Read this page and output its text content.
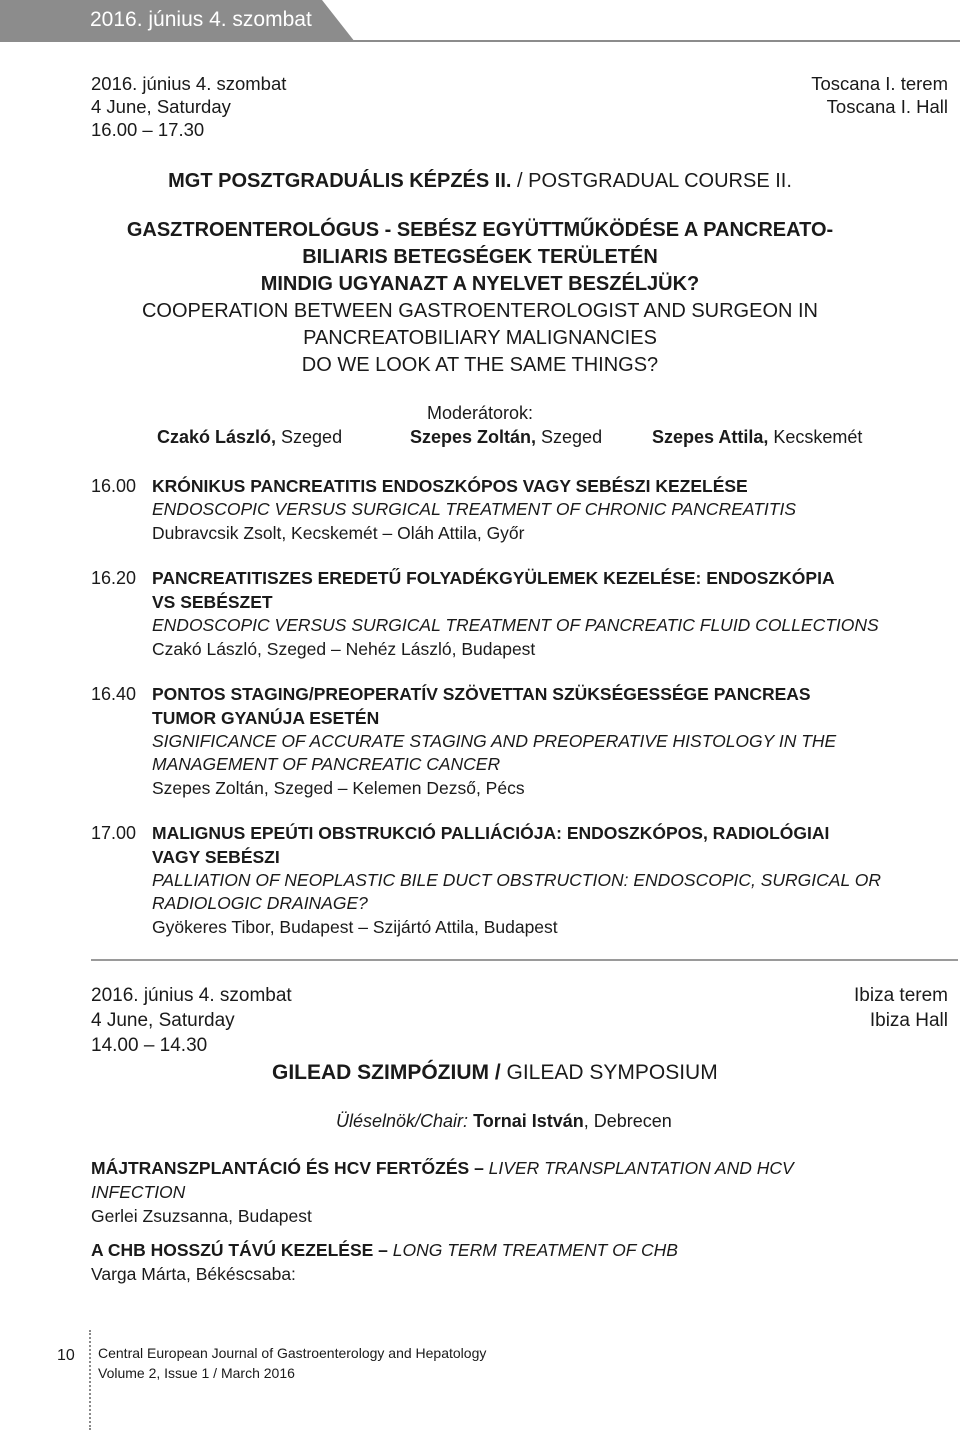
2016. június 4. szombat
2016. június 4. szombat
4 June, Saturday
16.00 – 17.30
Toscana I. terem
Toscana I. Hall
MGT POSZTGRADUÁLIS KÉPZÉS II. / POSTGRADUAL COURSE II.
GASZTROENTEROLÓGUS - SEBÉSZ EGYÜTTMŰKÖDÉSE A PANCREATO-
BILIARIS BETEGSÉGEK TERÜLETÉN
MINDIG UGYANAZT A NYELVET BESZÉLJÜK?
COOPERATION BETWEEN GASTROENTEROLOGIST AND SURGEON IN
PANCREATOBILIARY MALIGNANCIES
DO WE LOOK AT THE SAME THINGS?
Moderátorok:
Czakó László, Szeged	Szepes Zoltán, Szeged	Szepes Attila, Kecskemét
16.00 KRÓNIKUS PANCREATITIS ENDOSZKÓPOS VAGY SEBÉSZI KEZELÉSE
ENDOSCOPIC VERSUS SURGICAL TREATMENT OF CHRONIC PANCREATITIS
Dubravcsik Zsolt, Kecskemét – Oláh Attila, Győr
16.20 PANCREATITISZES EREDETŰ FOLYADÉKGYÜLEMEK KEZELÉSE: ENDOSZKÓPIA
VS SEBÉSZET
ENDOSCOPIC VERSUS SURGICAL TREATMENT OF PANCREATIC FLUID COLLECTIONS
Czakó László, Szeged – Nehéz László, Budapest
16.40 PONTOS STAGING/PREOPERATÍV SZÖVETTAN SZÜKSÉGESSÉGE PANCREAS
TUMOR GYANÚJA ESETÉN
SIGNIFICANCE OF ACCURATE STAGING AND PREOPERATIVE HISTOLOGY IN THE
MANAGEMENT OF PANCREATIC CANCER
Szepes Zoltán, Szeged – Kelemen Dezső, Pécs
17.00 MALIGNUS EPEÚTI OBSTRUKCIÓ PALLIÁCIÓJA: ENDOSZKÓPOS, RADIOLÓGIAI
VAGY SEBÉSZI
PALLIATION OF NEOPLASTIC BILE DUCT OBSTRUCTION: ENDOSCOPIC, SURGICAL OR
RADIOLOGIC DRAINAGE?
Gyökeres Tibor, Budapest – Szijártó Attila, Budapest
2016. június 4. szombat
4 June, Saturday
14.00 – 14.30
Ibiza terem
Ibiza Hall
GILEAD SZIMPÓZIUM / GILEAD SYMPOSIUM
Üléselnök/Chair: Tornai István, Debrecen
MÁJTRANSZPLANTÁCIÓ ÉS HCV FERTŐZÉS – LIVER TRANSPLANTATION AND HCV
INFECTION
Gerlei Zsuzsanna, Budapest
A CHB HOSSZÚ TÁVÚ KEZELÉSE – LONG TERM TREATMENT OF CHB
Varga Márta, Békéscsaba:
10 Central European Journal of Gastroenterology and Hepatology
Volume 2, Issue 1 / March 2016
